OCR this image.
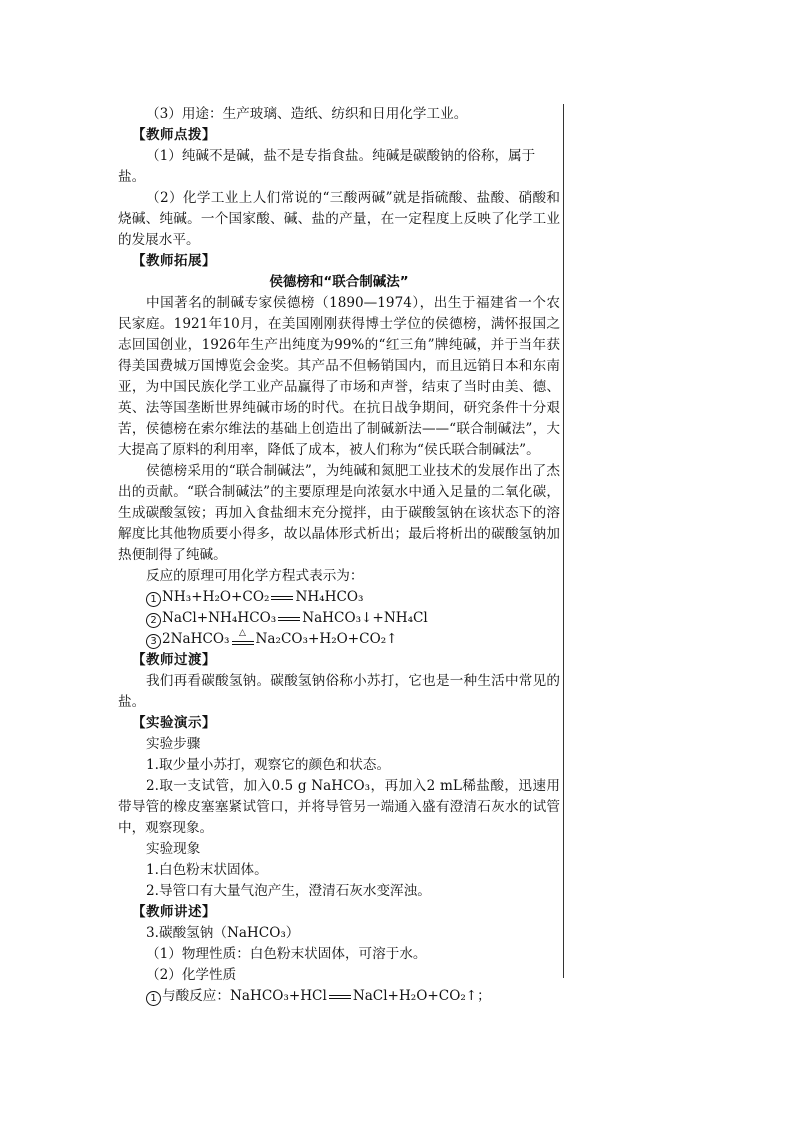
（3）用途：生产玻璃、造纸、纺织和日用化学工业。

【教师点拨】

（1）纯碱不是碱，盐不是专指食盐。纯碱是碳酸钠的俗称，属于盐。

（2）化学工业上人们常说的“三酸两碱”就是指硫酸、盐酸、硝酸和烧碱、纯碱。一个国家酸、碱、盐的产量，在一定程度上反映了化学工业的发展水平。

【教师拓展】

侯德榜和“联合制碱法”

中国著名的制碱专家侯德榜（1890—1974），出生于福建省一个农民家庭。1921年10月，在美国刚刚获得博士学位的侯德榜，满怀报国之志回国创业，1926年生产出纯度为99%的“红三角”牌纯碱，并于当年获得美国费城万国博览会金奖。其产品不但畅销国内，而且远销日本和东南亚，为中国民族化学工业产品赢得了市场和声誉，结束了当时由美、德、英、法等国垄断世界纯碱市场的时代。在抗日战争期间，研究条件十分艰苦，侯德榜在索尔维法的基础上创造出了制碱新法——“联合制碱法”，大大提高了原料的利用率，降低了成本，被人们称为“侯氏联合制碱法”。

侯德榜采用的“联合制碱法”，为纯碱和氮肥工业技术的发展作出了杰出的贡献。“联合制碱法”的主要原理是向浓氨水中通入足量的二氧化碳，生成碳酸氢铵；再加入食盐细末充分搅拌，由于碳酸氢钠在该状态下的溶解度比其他物质要小得多，故以晶体形式析出；最后将析出的碳酸氢钠加热便制得了纯碱。

反应的原理可用化学方程式表示为：

1 NH₃+H₂O+CO₂ NH₄HCO₃

2 NaCl+NH₄HCO₃ NaHCO₃↓+NH₄Cl

3 2NaHCO₃	△ Na₂CO₃+H₂O+CO₂↑

【教师过渡】

我们再看碳酸氢钠。碳酸氢钠俗称小苏打，它也是一种生活中常见的盐。

【实验演示】

实验步骤

1.取少量小苏打，观察它的颜色和状态。

2.取一支试管，加入0.5 g NaHCO₃，再加入2 mL稀盐酸，迅速用带导管的橡皮塞塞紧试管口，并将导管另一端通入盛有澄清石灰水的试管中，观察现象。

实验现象

1.白色粉末状固体。

2.导管口有大量气泡产生，澄清石灰水变浑浊。

【教师讲述】

3.碳酸氢钠（NaHCO₃）

（1）物理性质：白色粉末状固体，可溶于水。

（2）化学性质

1 与酸反应：NaHCO₃+HCl NaCl+H₂O+CO₂↑；
